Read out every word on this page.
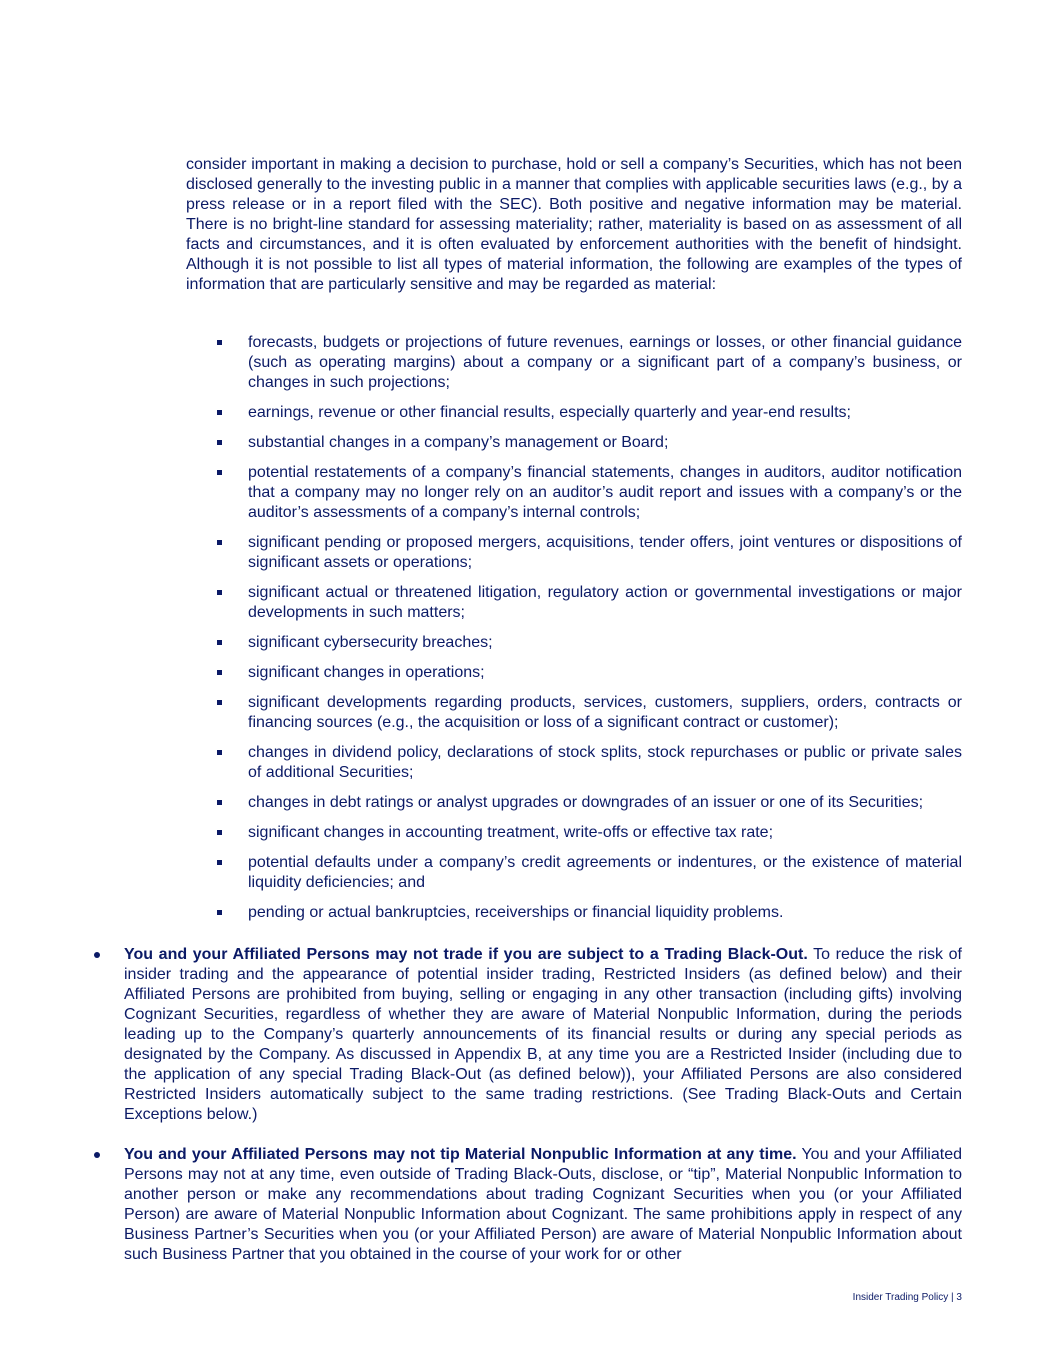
consider important in making a decision to purchase, hold or sell a company’s Securities, which has not been disclosed generally to the investing public in a manner that complies with applicable securities laws (e.g., by a press release or in a report filed with the SEC). Both positive and negative information may be material. There is no bright-line standard for assessing materiality; rather, materiality is based on as assessment of all facts and circumstances, and it is often evaluated by enforcement authorities with the benefit of hindsight. Although it is not possible to list all types of material information, the following are examples of the types of information that are particularly sensitive and may be regarded as material:

forecasts, budgets or projections of future revenues, earnings or losses, or other financial guidance (such as operating margins) about a company or a significant part of a company’s business, or changes in such projections;
earnings, revenue or other financial results, especially quarterly and year-end results;
substantial changes in a company’s management or Board;
potential restatements of a company’s financial statements, changes in auditors, auditor notification that a company may no longer rely on an auditor’s audit report and issues with a company’s or the auditor’s assessments of a company’s internal controls;
significant pending or proposed mergers, acquisitions, tender offers, joint ventures or dispositions of significant assets or operations;
significant actual or threatened litigation, regulatory action or governmental investigations or major developments in such matters;
significant cybersecurity breaches;
significant changes in operations;
significant developments regarding products, services, customers, suppliers, orders, contracts or financing sources (e.g., the acquisition or loss of a significant contract or customer);
changes in dividend policy, declarations of stock splits, stock repurchases or public or private sales of additional Securities;
changes in debt ratings or analyst upgrades or downgrades of an issuer or one of its Securities;
significant changes in accounting treatment, write-offs or effective tax rate;
potential defaults under a company’s credit agreements or indentures, or the existence of material liquidity deficiencies; and
pending or actual bankruptcies, receiverships or financial liquidity problems.
You and your Affiliated Persons may not trade if you are subject to a Trading Black-Out. To reduce the risk of insider trading and the appearance of potential insider trading, Restricted Insiders (as defined below) and their Affiliated Persons are prohibited from buying, selling or engaging in any other transaction (including gifts) involving Cognizant Securities, regardless of whether they are aware of Material Nonpublic Information, during the periods leading up to the Company’s quarterly announcements of its financial results or during any special periods as designated by the Company. As discussed in Appendix B, at any time you are a Restricted Insider (including due to the application of any special Trading Black-Out (as defined below)), your Affiliated Persons are also considered Restricted Insiders automatically subject to the same trading restrictions. (See Trading Black-Outs and Certain Exceptions below.)
You and your Affiliated Persons may not tip Material Nonpublic Information at any time. You and your Affiliated Persons may not at any time, even outside of Trading Black-Outs, disclose, or “tip”, Material Nonpublic Information to another person or make any recommendations about trading Cognizant Securities when you (or your Affiliated Person) are aware of Material Nonpublic Information about Cognizant. The same prohibitions apply in respect of any Business Partner’s Securities when you (or your Affiliated Person) are aware of Material Nonpublic Information about such Business Partner that you obtained in the course of your work for or other
Insider Trading Policy | 3
